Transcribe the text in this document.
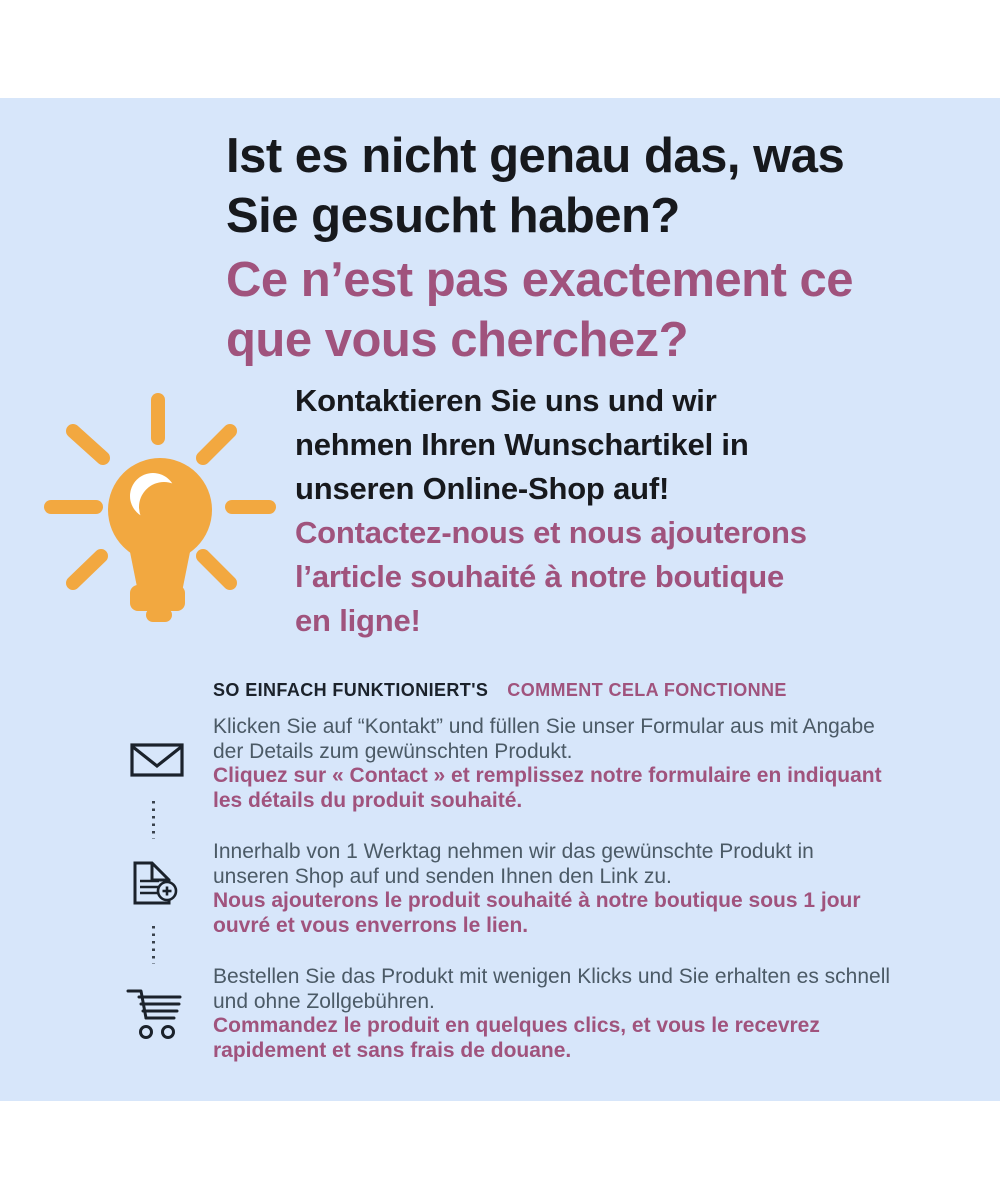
Ist es nicht genau das, was
Sie gesucht haben?
Ce n’est pas exactement ce
que vous cherchez?
Kontaktieren Sie uns und wir
nehmen Ihren Wunschartikel in
unseren Online-Shop auf!
Contactez-nous et nous ajouterons
l’article souhaité à notre boutique
en ligne!
SO EINFACH FUNKTIONIERT'S COMMENT CELA FONCTIONNE
Klicken Sie auf “Kontakt” und füllen Sie unser Formular aus mit Angabe
der Details zum gewünschten Produkt.
Cliquez sur « Contact » et remplissez notre formulaire en indiquant
les détails du produit souhaité.
Innerhalb von 1 Werktag nehmen wir das gewünschte Produkt in
unseren Shop auf und senden Ihnen den Link zu.
Nous ajouterons le produit souhaité à notre boutique sous 1 jour
ouvré et vous enverrons le lien.
Bestellen Sie das Produkt mit wenigen Klicks und Sie erhalten es schnell
und ohne Zollgebühren.
Commandez le produit en quelques clics, et vous le recevrez
rapidement et sans frais de douane.
